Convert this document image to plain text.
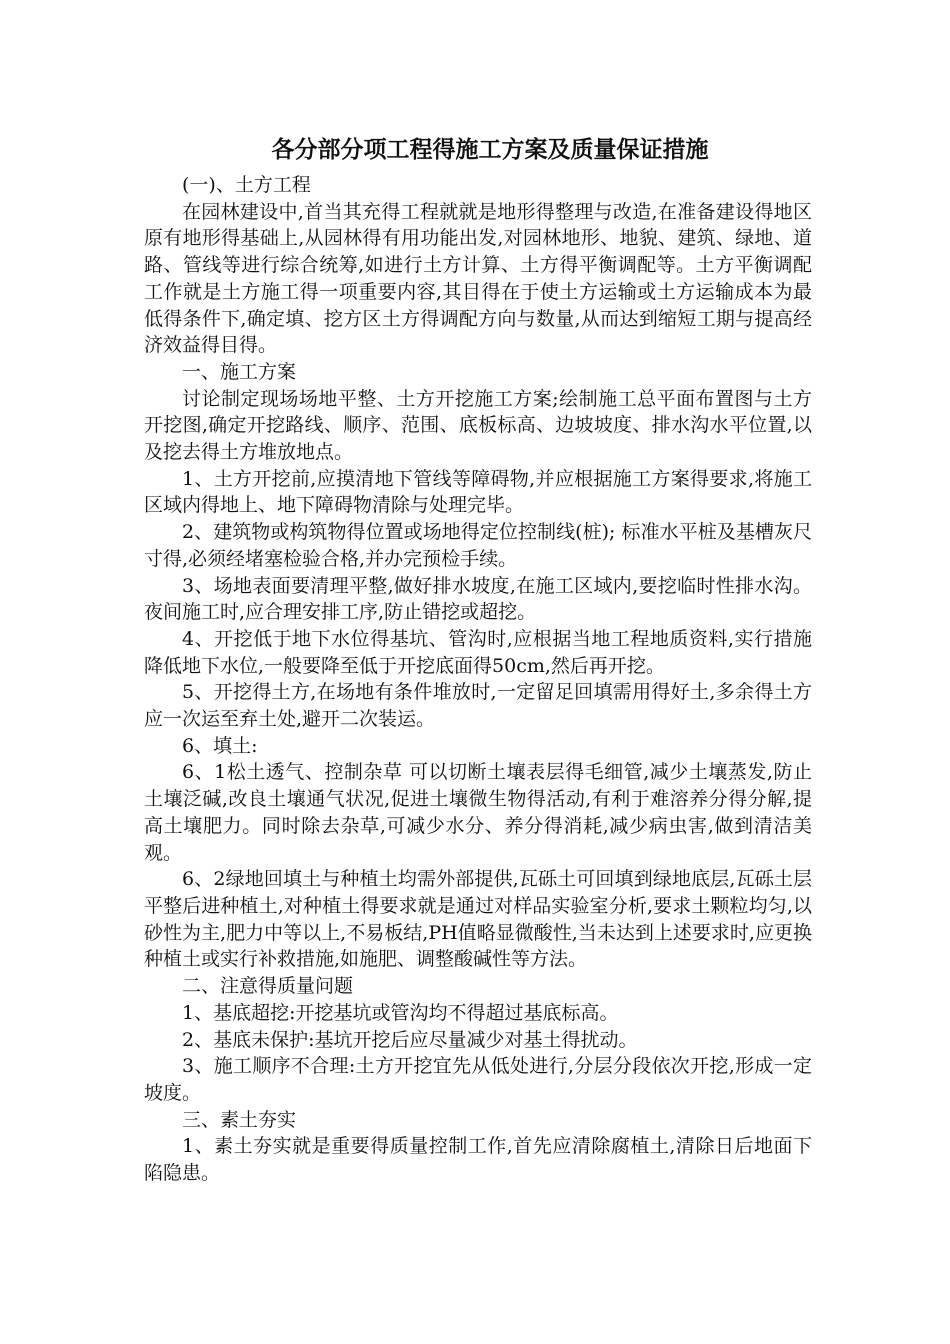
各分部分项工程得施工方案及质量保证措施

(一)、土方工程

在园林建设中,首当其充得工程就就是地形得整理与改造,在准备建设得地区原有地形得基础上,从园林得有用功能出发,对园林地形、地貌、建筑、绿地、道路、管线等进行综合统筹,如进行土方计算、土方得平衡调配等。土方平衡调配工作就是土方施工得一项重要内容,其目得在于使土方运输或土方运输成本为最低得条件下,确定填、挖方区土方得调配方向与数量,从而达到缩短工期与提高经济效益得目得。

一、施工方案

讨论制定现场场地平整、土方开挖施工方案;绘制施工总平面布置图与土方开挖图,确定开挖路线、顺序、范围、底板标高、边坡坡度、排水沟水平位置,以及挖去得土方堆放地点。

1、土方开挖前,应摸清地下管线等障碍物,并应根据施工方案得要求,将施工区域内得地上、地下障碍物清除与处理完毕。

2、建筑物或构筑物得位置或场地得定位控制线(桩); 标准水平桩及基槽灰尺寸得,必须经堵塞检验合格,并办完预检手续。

3、场地表面要清理平整,做好排水坡度,在施工区域内,要挖临时性排水沟。夜间施工时,应合理安排工序,防止错挖或超挖。

4、开挖低于地下水位得基坑、管沟时,应根据当地工程地质资料,实行措施降低地下水位,一般要降至低于开挖底面得50cm,然后再开挖。

5、开挖得土方,在场地有条件堆放时,一定留足回填需用得好土,多余得土方应一次运至弃土处,避开二次装运。

6、填土:

6、1松土透气、控制杂草 可以切断土壤表层得毛细管,减少土壤蒸发,防止土壤泛碱,改良土壤通气状况,促进土壤微生物得活动,有利于难溶养分得分解,提高土壤肥力。同时除去杂草,可减少水分、养分得消耗,减少病虫害,做到清洁美观。

6、2绿地回填土与种植土均需外部提供,瓦砾土可回填到绿地底层,瓦砾土层平整后进种植土,对种植土得要求就是通过对样品实验室分析,要求土颗粒均匀,以砂性为主,肥力中等以上,不易板结,PH值略显微酸性,当未达到上述要求时,应更换种植土或实行补救措施,如施肥、调整酸碱性等方法。

二、注意得质量问题

1、基底超挖:开挖基坑或管沟均不得超过基底标高。

2、基底未保护:基坑开挖后应尽量减少对基土得扰动。

3、施工顺序不合理:土方开挖宜先从低处进行,分层分段依次开挖,形成一定坡度。

三、素土夯实

1、素土夯实就是重要得质量控制工作,首先应清除腐植土,清除日后地面下陷隐患。
